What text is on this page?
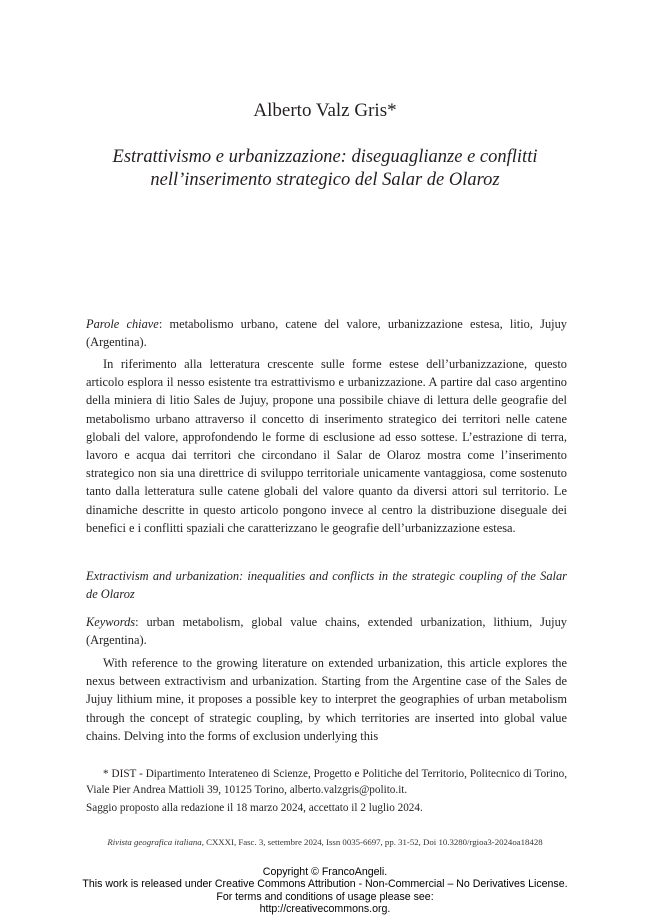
Alberto Valz Gris*
Estrattivismo e urbanizzazione: diseguaglianze e conflitti
nell’inserimento strategico del Salar de Olaroz

Parole chiave: metabolismo urbano, catene del valore, urbanizzazione estesa, litio, Jujuy (Argentina).

In riferimento alla letteratura crescente sulle forme estese dell’urbanizzazione, questo articolo esplora il nesso esistente tra estrattivismo e urbanizzazione. A partire dal caso argentino della miniera di litio Sales de Jujuy, propone una possibile chiave di lettura delle geografie del metabolismo urbano attraverso il concetto di inserimento strategico dei territori nelle catene globali del valore, approfondendo le forme di esclusione ad esso sottese. L’estrazione di terra, lavoro e acqua dai territori che circondano il Salar de Olaroz mostra come l’inserimento strategico non sia una direttrice di sviluppo territoriale unicamente vantaggiosa, come sostenuto tanto dalla letteratura sulle catene globali del valore quanto da diversi attori sul territorio. Le dinamiche descritte in questo articolo pongono invece al centro la distribuzione diseguale dei benefici e i conflitti spaziali che caratterizzano le geografie dell’urbanizzazione estesa.

Extractivism and urbanization: inequalities and conflicts in the strategic coupling of the Salar de Olaroz

Keywords: urban metabolism, global value chains, extended urbanization, lithium, Jujuy (Argentina).

With reference to the growing literature on extended urbanization, this article explores the nexus between extractivism and urbanization. Starting from the Argentine case of the Sales de Jujuy lithium mine, it proposes a possible key to interpret the geographies of urban metabolism through the concept of strategic coupling, by which territories are inserted into global value chains. Delving into the forms of exclusion underlying this

* DIST - Dipartimento Interateneo di Scienze, Progetto e Politiche del Territorio, Politecnico di Torino, Viale Pier Andrea Mattioli 39, 10125 Torino, alberto.valzgris@polito.it.

Saggio proposto alla redazione il 18 marzo 2024, accettato il 2 luglio 2024.

Rivista geografica italiana, CXXXI, Fasc. 3, settembre 2024, Issn 0035-6697, pp. 31-52, Doi 10.3280/rgioa3-2024oa18428
Copyright © FrancoAngeli.
This work is released under Creative Commons Attribution - Non-Commercial – No Derivatives License.
For terms and conditions of usage please see:
http://creativecommons.org.
